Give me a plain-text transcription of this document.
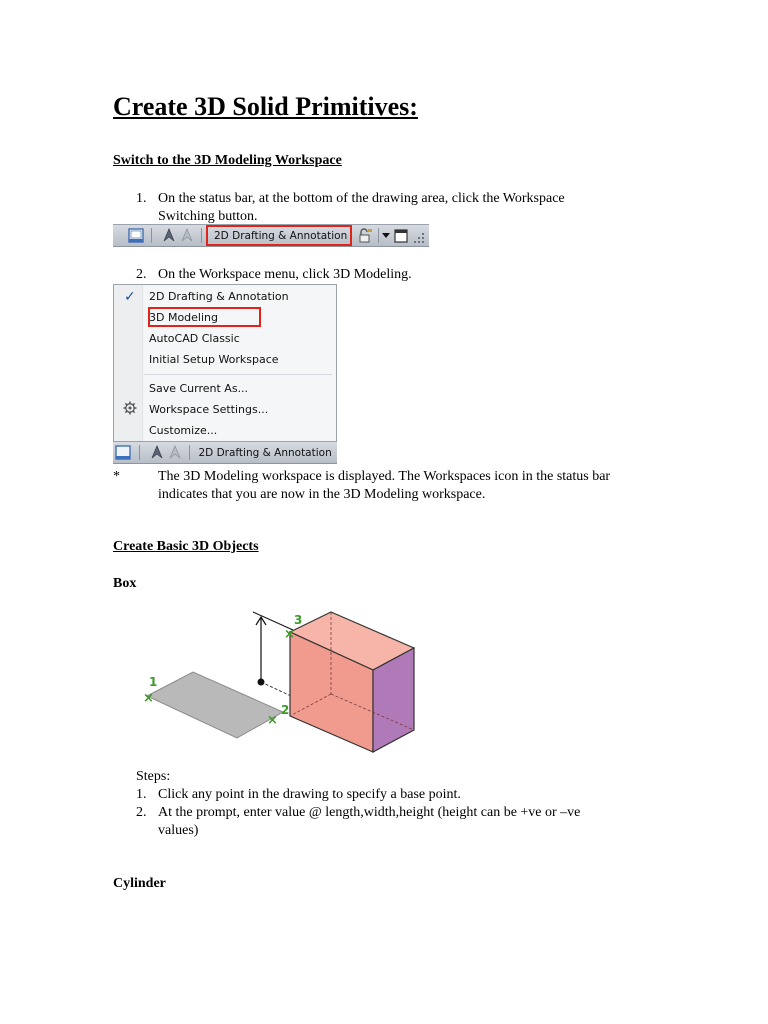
Create 3D Solid Primitives:
Switch to the 3D Modeling Workspace
1. On the status bar, at the bottom of the drawing area, click the Workspace
Switching button.
2D Drafting & Annotation
2. On the Workspace menu, click 3D Modeling.
✓ 2D Drafting & Annotation
3D Modeling
AutoCAD Classic
Initial Setup Workspace
Save Current As...
Workspace Settings...
Customize...
2D Drafting & Annotation
*	The 3D Modeling workspace is displayed. The Workspaces icon in the status bar
indicates that you are now in the 3D Modeling workspace.
Create Basic 3D Objects
Box
×
×
×
1
2
3
Steps:
1. Click any point in the drawing to specify a base point.
2. At the prompt, enter value @ length,width,height (height can be +ve or –ve
values)
Cylinder
